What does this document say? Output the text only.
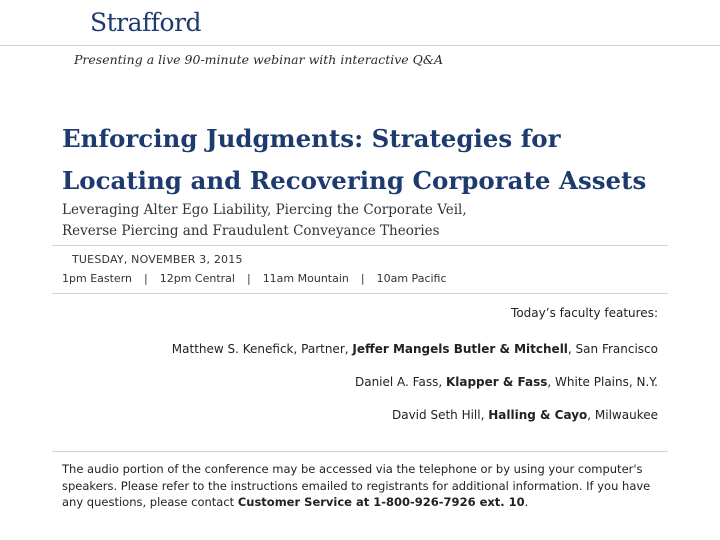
Strafford
Presenting a live 90-minute webinar with interactive Q&A
Enforcing Judgments: Strategies for
Locating and Recovering Corporate Assets
Leveraging Alter Ego Liability, Piercing the Corporate Veil,
Reverse Piercing and Fraudulent Conveyance Theories
TUESDAY, NOVEMBER 3, 2015
1pm Eastern | 12pm Central | 11am Mountain | 10am Pacific
Today’s faculty features:
Matthew S. Kenefick, Partner, Jeffer Mangels Butler & Mitchell, San Francisco
Daniel A. Fass, Klapper & Fass, White Plains, N.Y.
David Seth Hill, Halling & Cayo, Milwaukee
The audio portion of the conference may be accessed via the telephone or by using your computer's speakers. Please refer to the instructions emailed to registrants for additional information. If you have any questions, please contact Customer Service at 1-800-926-7926 ext. 10.
